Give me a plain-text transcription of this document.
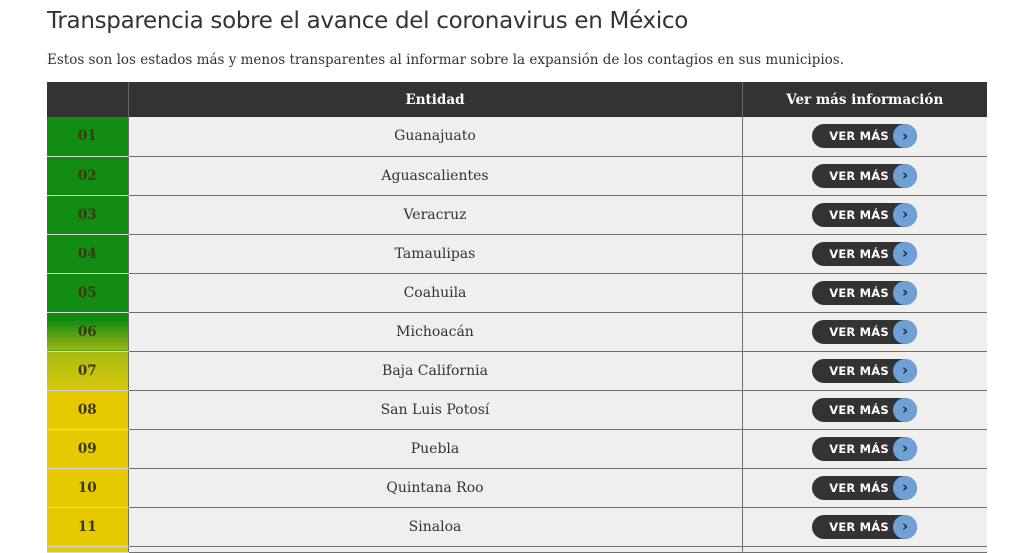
Transparencia sobre el avance del coronavirus en México

Estos son los estados más y menos transparentes al informar sobre la expansión de los contagios en sus municipios.

	Entidad	Ver más información
01	Guanajuato	VER MÁS ›

02	Aguascalientes	VER MÁS ›

03	Veracruz	VER MÁS ›

04	Tamaulipas	VER MÁS ›

05	Coahuila	VER MÁS ›

06	Michoacán	VER MÁS ›

07	Baja California	VER MÁS ›

08	San Luis Potosí	VER MÁS ›

09	Puebla	VER MÁS ›

10	Quintana Roo	VER MÁS ›

11	Sinaloa	VER MÁS ›
